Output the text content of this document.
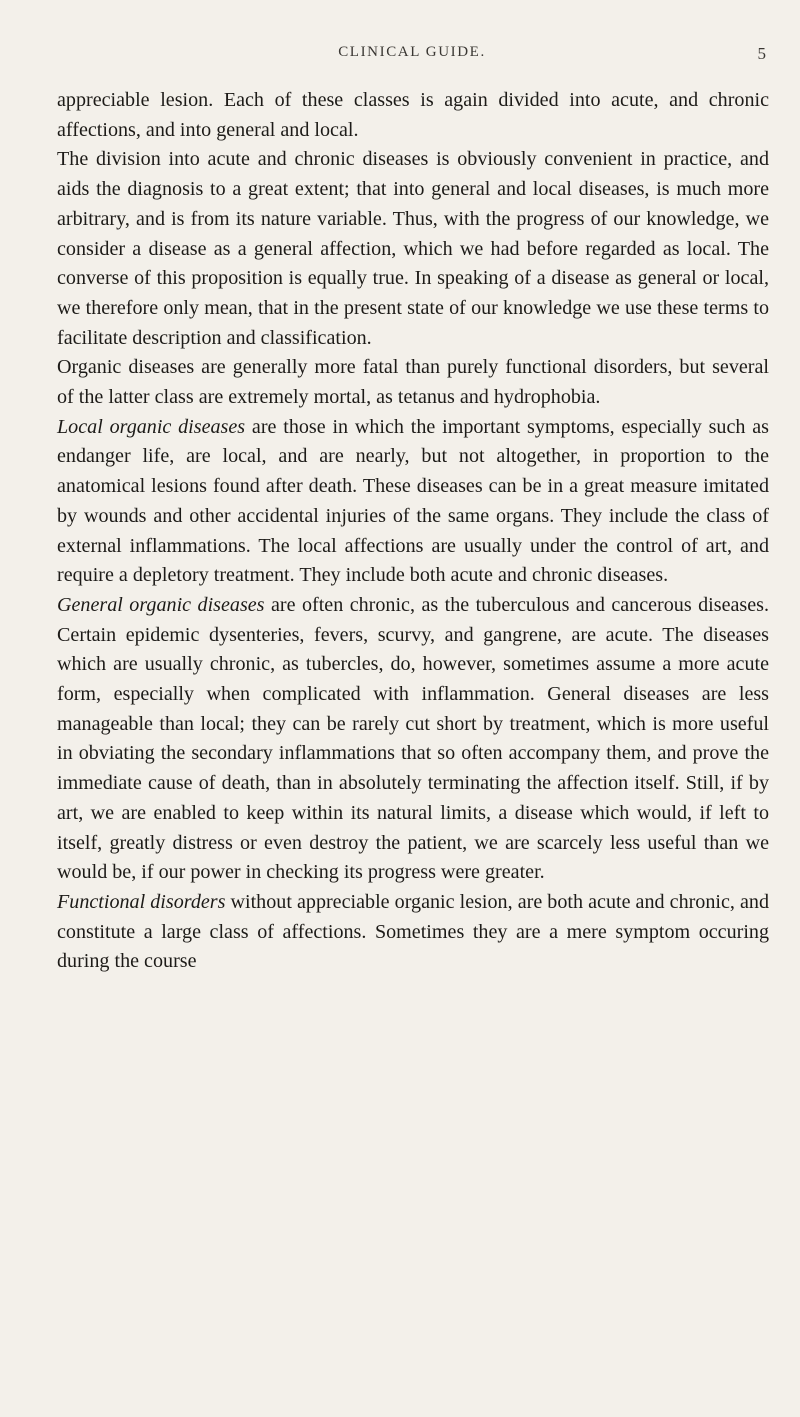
CLINICAL GUIDE.	5

appreciable lesion. Each of these classes is again divided into acute, and chronic affections, and into general and local.

The division into acute and chronic diseases is obviously convenient in practice, and aids the diagnosis to a great extent; that into general and local diseases, is much more arbitrary, and is from its nature variable. Thus, with the progress of our knowledge, we consider a disease as a general affection, which we had before regarded as local. The converse of this proposition is equally true. In speaking of a disease as general or local, we therefore only mean, that in the present state of our knowledge we use these terms to facilitate description and classification.

Organic diseases are generally more fatal than purely functional disorders, but several of the latter class are extremely mortal, as tetanus and hydrophobia.

Local organic diseases are those in which the important symptoms, especially such as endanger life, are local, and are nearly, but not altogether, in proportion to the anatomical lesions found after death. These diseases can be in a great measure imitated by wounds and other accidental injuries of the same organs. They include the class of external inflammations. The local affections are usually under the control of art, and require a depletory treatment. They include both acute and chronic diseases.

General organic diseases are often chronic, as the tuberculous and cancerous diseases. Certain epidemic dysenteries, fevers, scurvy, and gangrene, are acute. The diseases which are usually chronic, as tubercles, do, however, sometimes assume a more acute form, especially when complicated with inflammation. General diseases are less manageable than local; they can be rarely cut short by treatment, which is more useful in obviating the secondary inflammations that so often accompany them, and prove the immediate cause of death, than in absolutely terminating the affection itself. Still, if by art, we are enabled to keep within its natural limits, a disease which would, if left to itself, greatly distress or even destroy the patient, we are scarcely less useful than we would be, if our power in checking its progress were greater.

Functional disorders without appreciable organic lesion, are both acute and chronic, and constitute a large class of affections. Sometimes they are a mere symptom occuring during the course
